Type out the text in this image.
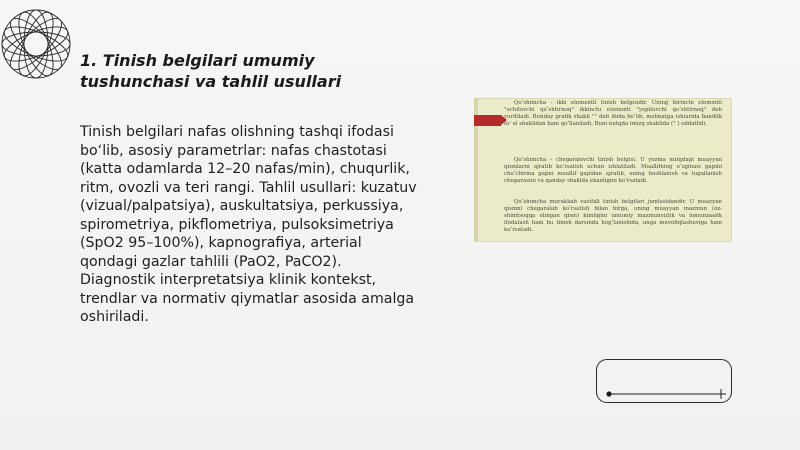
1. Tinish belgilari umumiy tushunchasi va tahlil usullari

Tinish belgilari nafas olishning tashqi ifodasi bo‘lib, asosiy parametrlar: nafas chastotasi (katta odamlarda 12–20 nafas/min), chuqurlik, ritm, ovozli va teri rangi. Tahlil usullari: kuzatuv (vizual/palpatsiya), auskultatsiya, perkussiya, spirometriya, pikflometriya, pulsoksimetriya (SpO2 95–100%), kapnografiya, arterial qondagi gazlar tahlili (PaO2, PaCO2). Diagnostik interpretatsiya klinik kontekst, trendlar va normativ qiymatlar asosida amalga oshiriladi.

Qo‘shimcha - ikki elementli tinish belgisidir. Uning birinchi elementi "ochiluvchi qo‘shtirnoq" ikkinchi elementi "yopiluvchi qo‘shtirnoq" deb yuritiladi. Bunday grafik shakli "" deb ifoda bo‘lib, mehnatga ishlarida bandlik to' el shaklidan ham qo‘llaniladi. Buni nutqda imizq shaklida (" ) oddatlidi.

Qo‘shimcha – chegaralovchi tinish belgisi. U yozma nutqdagi muayyan qismlarni ajratib ko‘rsatish uchun ishlatiladi. Muallifning o‘zginasi gapini cho‘chirma gapni muallif gapidan ajratib, uning boshlanish va tugallanish chegarasini va qanday shaklda ekanligini ko‘rsatadi.

Qo‘shimcha murakkab vazifali tinish belgilari jumlasidandir. U muayyan qismni chegaralab ko‘rsatish bilan birga, uning muayyan mazmun (oz-shimtsoqqa olingan qism) kimligini umumiy mazmunsizlik va lomonzaalik ifodalash ham bu tinish darsinda hog‘lanishida, unga muvofiqlashuviga ham ko‘rsatadi.
